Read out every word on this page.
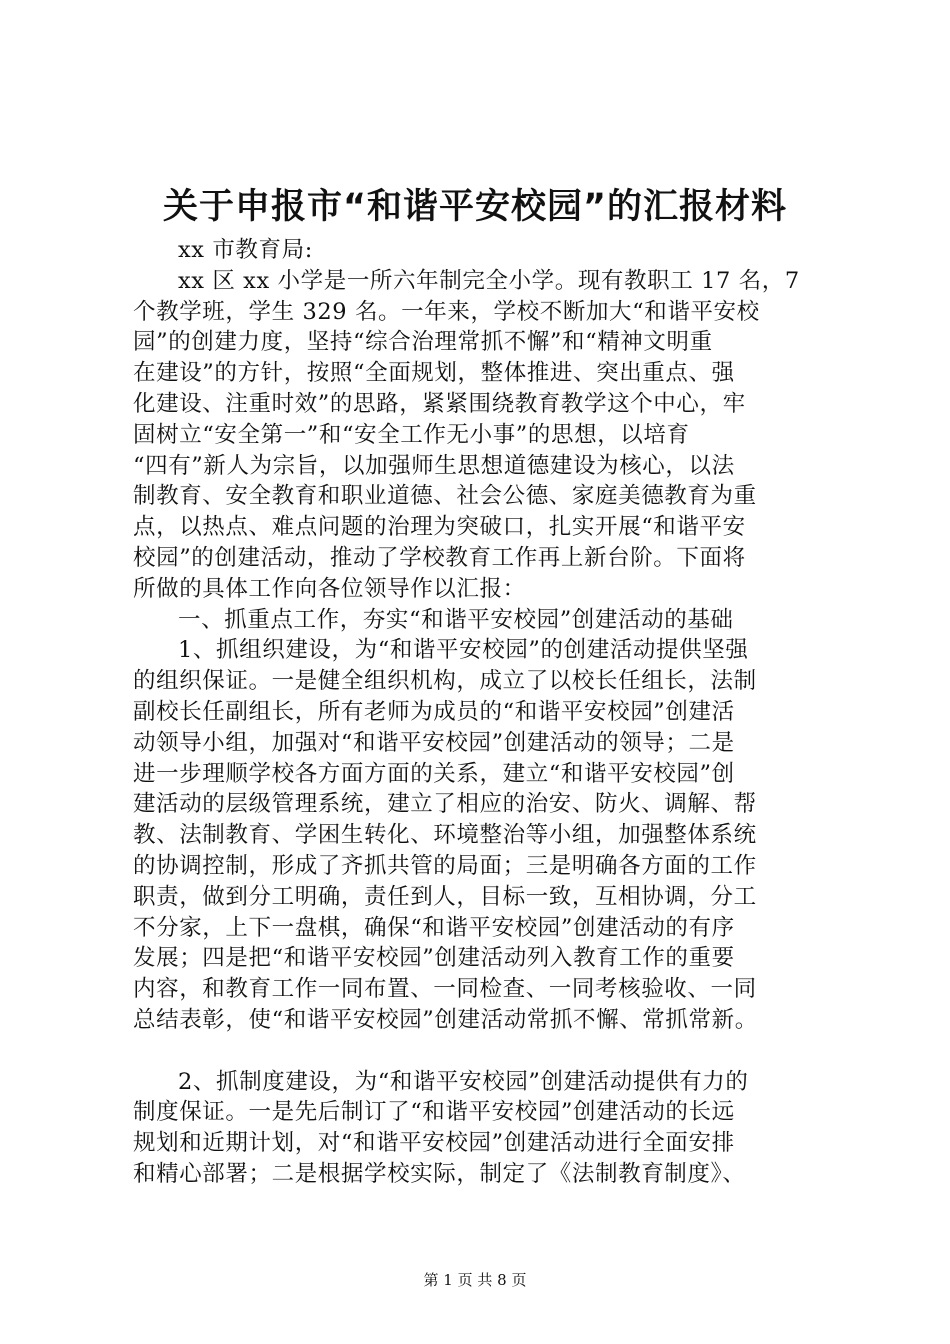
关于申报市“和谐平安校园”的汇报材料
xx 市教育局:
xx 区 xx 小学是一所六年制完全小学。现有教职工 17 名，7
个教学班，学生 329 名。一年来，学校不断加大“和谐平安校
园”的创建力度，坚持“综合治理常抓不懈”和“精神文明重
在建设”的方针，按照“全面规划，整体推进、突出重点、强
化建设、注重时效”的思路，紧紧围绕教育教学这个中心，牢
固树立“安全第一”和“安全工作无小事”的思想，以培育
“四有”新人为宗旨，以加强师生思想道德建设为核心，以法
制教育、安全教育和职业道德、社会公德、家庭美德教育为重
点，以热点、难点问题的治理为突破口，扎实开展“和谐平安
校园”的创建活动，推动了学校教育工作再上新台阶。下面将
所做的具体工作向各位领导作以汇报：
一、抓重点工作，夯实“和谐平安校园”创建活动的基础
1、抓组织建设，为“和谐平安校园”的创建活动提供坚强
的组织保证。一是健全组织机构，成立了以校长任组长，法制
副校长任副组长，所有老师为成员的“和谐平安校园”创建活
动领导小组，加强对“和谐平安校园”创建活动的领导；二是
进一步理顺学校各方面方面的关系，建立“和谐平安校园”创
建活动的层级管理系统，建立了相应的治安、防火、调解、帮
教、法制教育、学困生转化、环境整治等小组，加强整体系统
的协调控制，形成了齐抓共管的局面；三是明确各方面的工作
职责，做到分工明确，责任到人，目标一致，互相协调，分工
不分家，上下一盘棋，确保“和谐平安校园”创建活动的有序
发展；四是把“和谐平安校园”创建活动列入教育工作的重要
内容，和教育工作一同布置、一同检查、一同考核验收、一同
总结表彰，使“和谐平安校园”创建活动常抓不懈、常抓常新。
2、抓制度建设，为“和谐平安校园”创建活动提供有力的
制度保证。一是先后制订了“和谐平安校园”创建活动的长远
规划和近期计划，对“和谐平安校园”创建活动进行全面安排
和精心部署；二是根据学校实际，制定了《法制教育制度》、
第 1 页 共 8 页
